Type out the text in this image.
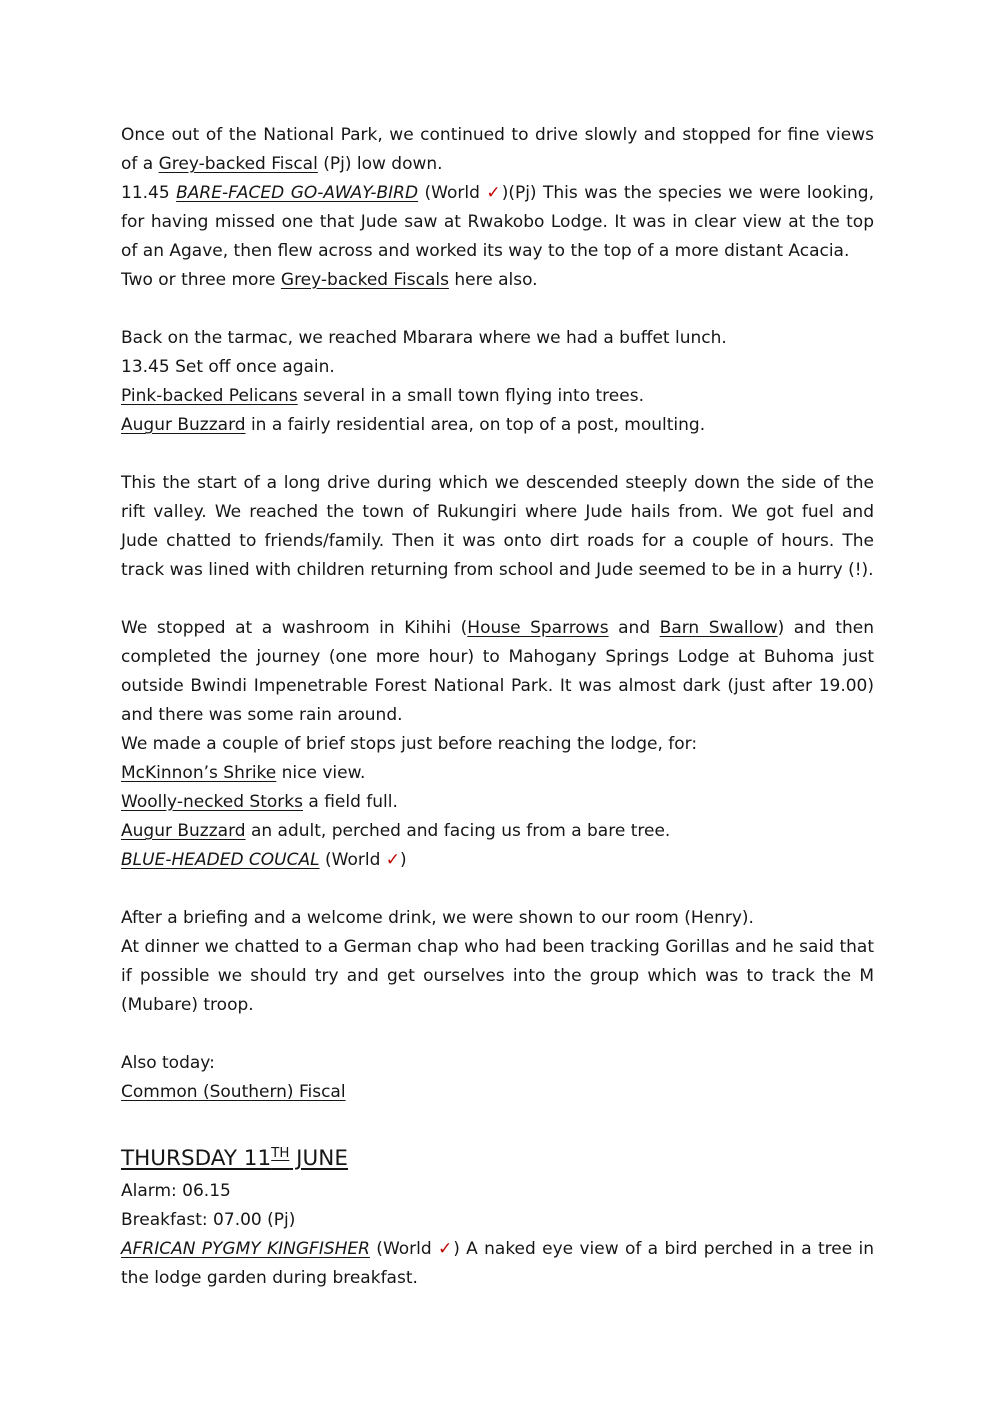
Once out of the National Park, we continued to drive slowly and stopped for fine views of a Grey-backed Fiscal (Pj) low down.
11.45 BARE-FACED GO-AWAY-BIRD (World ✓)(Pj) This was the species we were looking, for having missed one that Jude saw at Rwakobo Lodge. It was in clear view at the top of an Agave, then flew across and worked its way to the top of a more distant Acacia.
Two or three more Grey-backed Fiscals here also.
Back on the tarmac, we reached Mbarara where we had a buffet lunch.
13.45 Set off once again.
Pink-backed Pelicans several in a small town flying into trees.
Augur Buzzard in a fairly residential area, on top of a post, moulting.
This the start of a long drive during which we descended steeply down the side of the rift valley. We reached the town of Rukungiri where Jude hails from. We got fuel and Jude chatted to friends/family. Then it was onto dirt roads for a couple of hours. The track was lined with children returning from school and Jude seemed to be in a hurry (!).
We stopped at a washroom in Kihihi (House Sparrows and Barn Swallow) and then completed the journey (one more hour) to Mahogany Springs Lodge at Buhoma just outside Bwindi Impenetrable Forest National Park. It was almost dark (just after 19.00) and there was some rain around.
We made a couple of brief stops just before reaching the lodge, for:
McKinnon’s Shrike nice view.
Woolly-necked Storks a field full.
Augur Buzzard an adult, perched and facing us from a bare tree.
BLUE-HEADED COUCAL (World ✓)
After a briefing and a welcome drink, we were shown to our room (Henry).
At dinner we chatted to a German chap who had been tracking Gorillas and he said that if possible we should try and get ourselves into the group which was to track the M (Mubare) troop.
Also today:
Common (Southern) Fiscal
THURSDAY 11TH JUNE
Alarm: 06.15
Breakfast: 07.00 (Pj)
AFRICAN PYGMY KINGFISHER (World ✓) A naked eye view of a bird perched in a tree in the lodge garden during breakfast.
